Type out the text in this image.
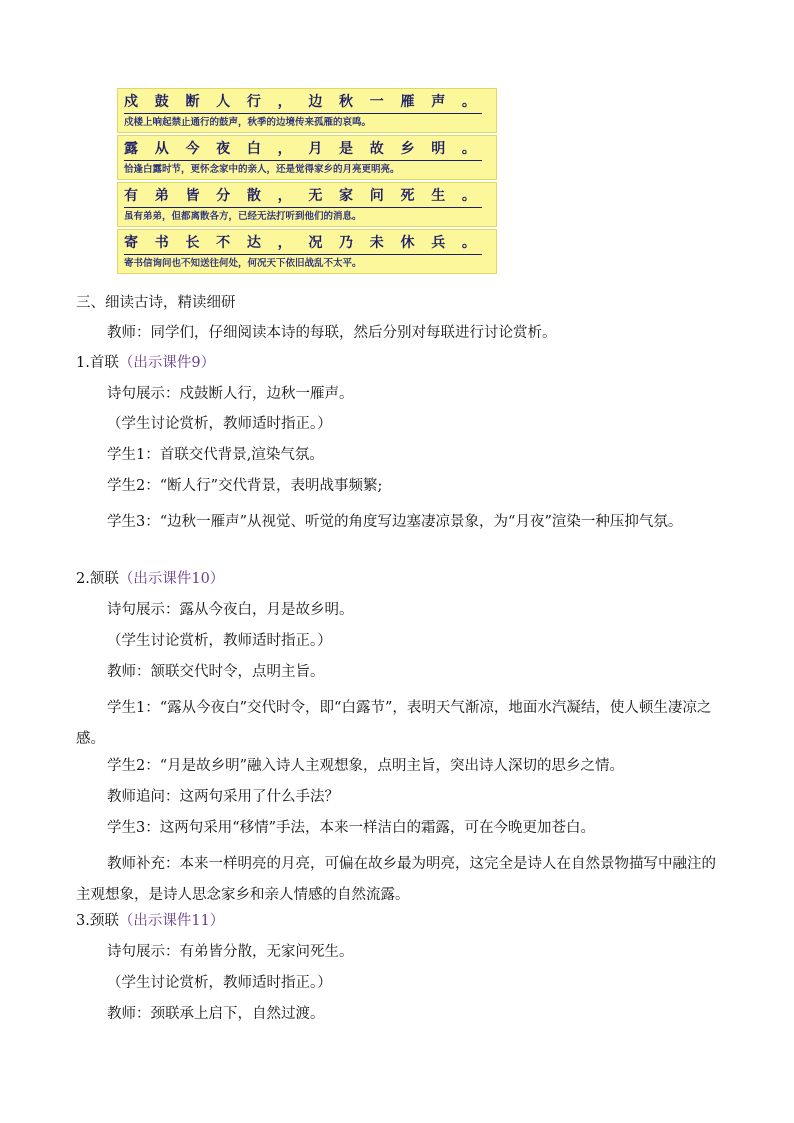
戍 鼓 断 人 行 ， 边 秋 一 雁 声 。
戍楼上响起禁止通行的鼓声，秋季的边境传来孤雁的哀鸣。
露 从 今 夜 白 ， 月 是 故 乡 明 。
恰逢白露时节，更怀念家中的亲人，还是觉得家乡的月亮更明亮。
有 弟 皆 分 散 ， 无 家 问 死 生 。
虽有弟弟，但都离散各方，已经无法打听到他们的消息。
寄 书 长 不 达 ， 况 乃 未 休 兵 。
寄书信询问也不知送往何处，何况天下依旧战乱不太平。
三、细读古诗，精读细研
教师：同学们，仔细阅读本诗的每联，然后分别对每联进行讨论赏析。
1.首联（出示课件9）
诗句展示：戍鼓断人行，边秋一雁声。
（学生讨论赏析，教师适时指正。）
学生1：首联交代背景,渲染气氛。
学生2：“断人行”交代背景，表明战事频繁;
学生3：“边秋一雁声”从视觉、听觉的角度写边塞凄凉景象，为“月夜”渲染一种压抑气氛。
2.颔联（出示课件10）
诗句展示：露从今夜白，月是故乡明。
（学生讨论赏析，教师适时指正。）
教师：颔联交代时令，点明主旨。
学生1：“露从今夜白”交代时令，即“白露节”，表明天气渐凉，地面水汽凝结，使人顿生凄凉之感。
学生2：“月是故乡明”融入诗人主观想象，点明主旨，突出诗人深切的思乡之情。
教师追问：这两句采用了什么手法？
学生3：这两句采用“移情”手法，本来一样洁白的霜露，可在今晚更加苍白。
教师补充：本来一样明亮的月亮，可偏在故乡最为明亮，这完全是诗人在自然景物描写中融注的主观想象，是诗人思念家乡和亲人情感的自然流露。
3.颈联（出示课件11）
诗句展示：有弟皆分散，无家问死生。
（学生讨论赏析，教师适时指正。）
教师：颈联承上启下，自然过渡。
